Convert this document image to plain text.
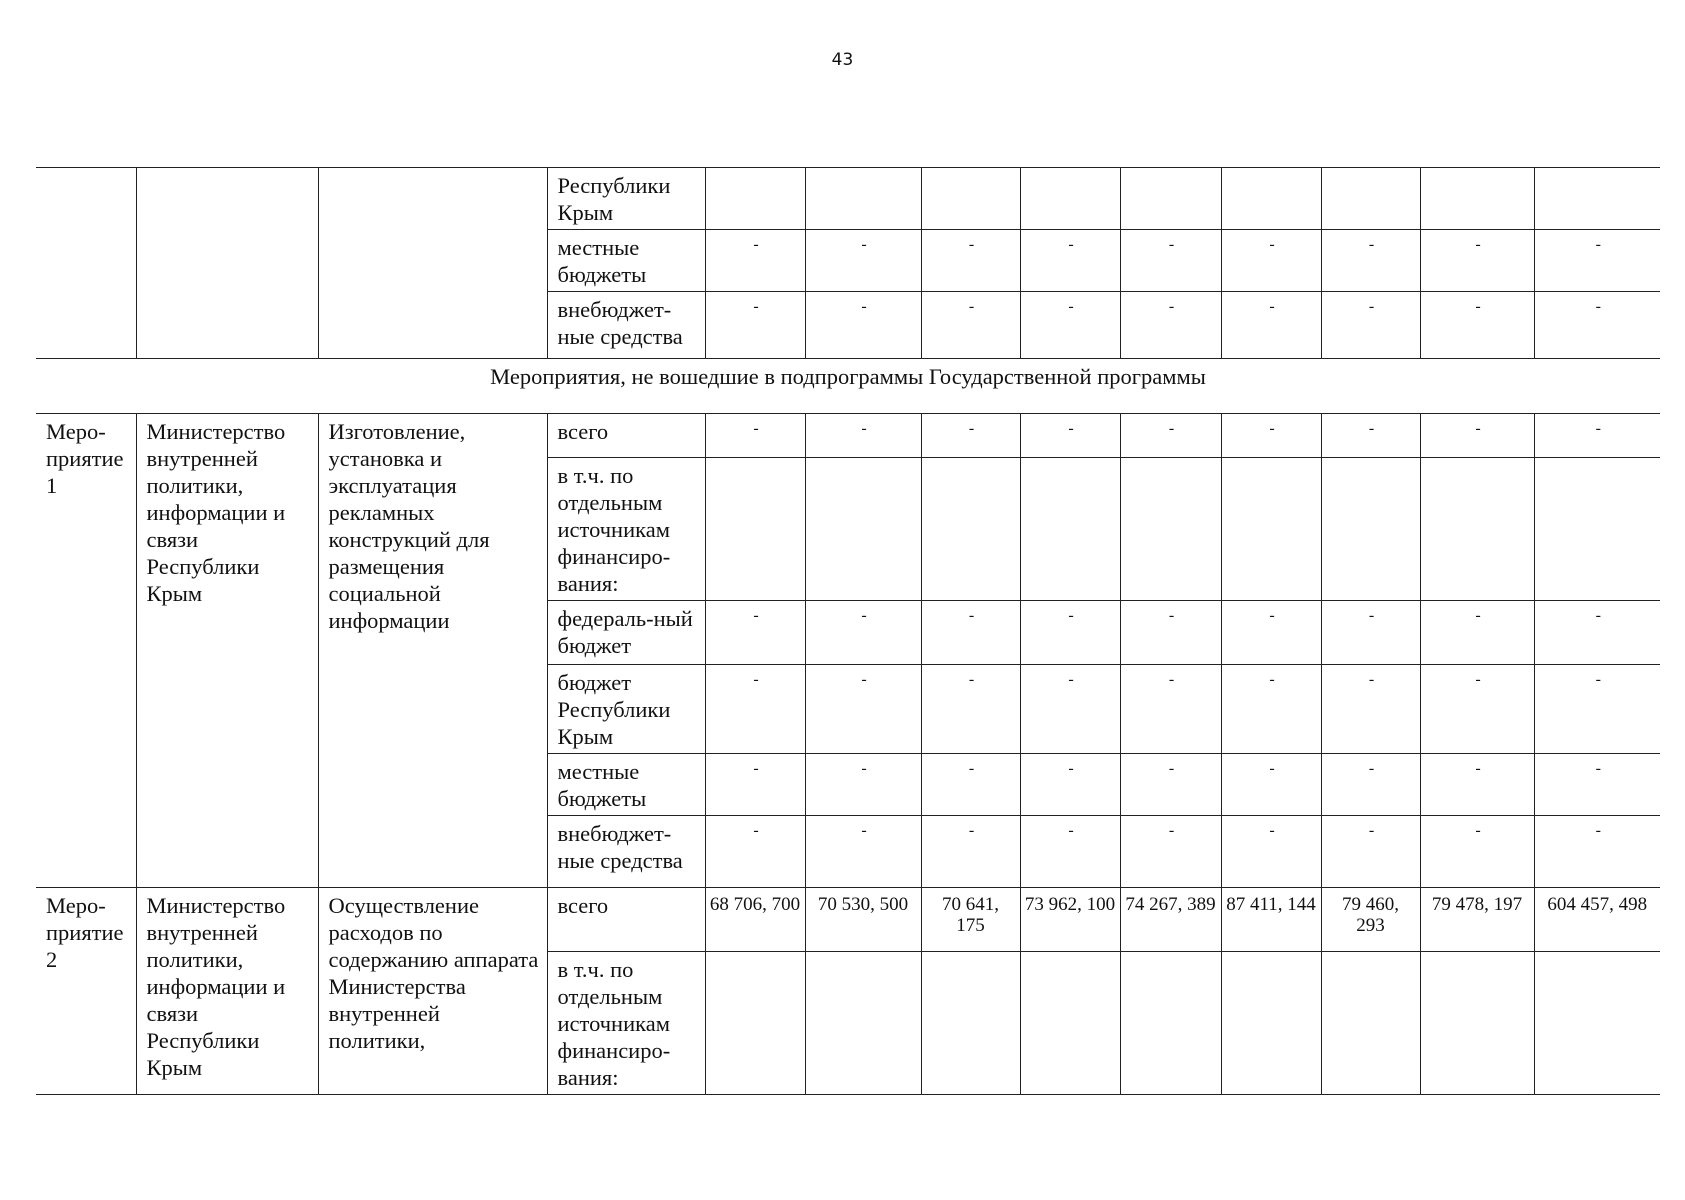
43
			Республики Крым									
			местные бюджеты	-	-	-	-	-	-	-	-	-
			внебюджет-ные средства	-	-	-	-	-	-	-	-	-
Мероприятия, не вошедшие в подпрограммы Государственной программы												
Меро-приятие 1	Министерство внутренней политики, информации и связи Республики Крым	Изготовление, установка и эксплуатация рекламных конструкций для размещения социальной информации	всего	-	-	-	-	-	-	-	-	-
			в т.ч. по отдельным источникам финансиро-вания:									
			федераль-ный бюджет	-	-	-	-	-	-	-	-	-
			бюджет Республики Крым	-	-	-	-	-	-	-	-	-
			местные бюджеты	-	-	-	-	-	-	-	-	-
			внебюджет-ные средства	-	-	-	-	-	-	-	-	-
Меро-приятие 2	Министерство внутренней политики, информации и связи Республики Крым	Осуществление расходов по содержанию аппарата Министерства внутренней политики,	всего	68 706, 700	70 530, 500	70 641, 175	73 962, 100	74 267, 389	87 411, 144	79 460, 293	79 478, 197	604 457, 498
			в т.ч. по отдельным источникам финансиро-вания:									
